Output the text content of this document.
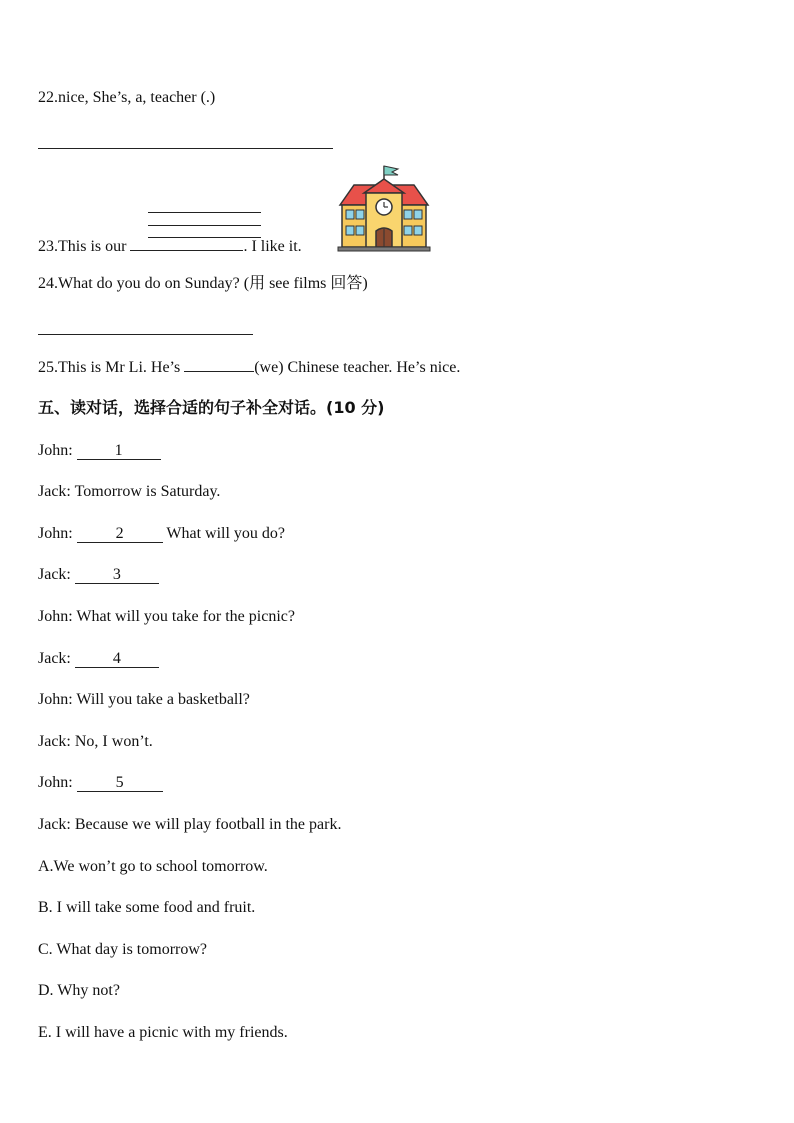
22.nice, She’s, a, teacher (.)
23.This is our	. I like it.
24.What do you do on Sunday? (用 see films 回答)
25.This is Mr Li. He’s	(we) Chinese teacher. He’s nice.
五、读对话，选择合适的句子补全对话。(10 分)
John: 1
Jack: Tomorrow is Saturday.
John: 2 What will you do?
Jack: 3
John: What will you take for the picnic?
Jack: 4
John: Will you take a basketball?
Jack: No, I won’t.
John: 5
Jack: Because we will play football in the park.
A.We won’t go to school tomorrow.
B. I will take some food and fruit.
C. What day is tomorrow?
D. Why not?
E. I will have a picnic with my friends.
